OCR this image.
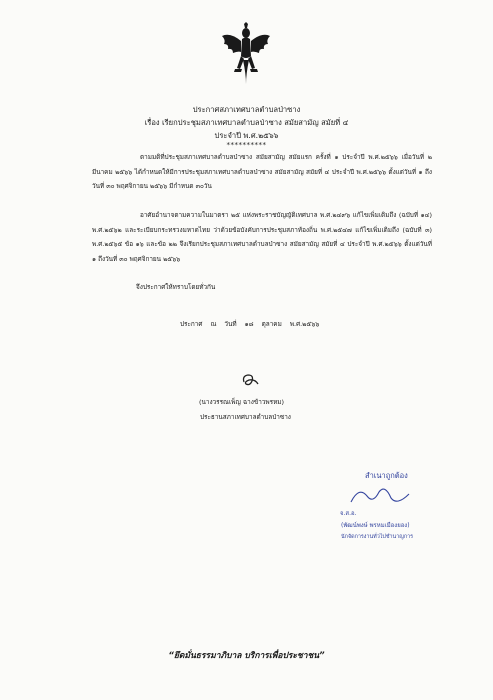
ประกาศสภาเทศบาลตำบลป่าซาง
เรื่อง เรียกประชุมสภาเทศบาลตำบลป่าซาง สมัยสามัญ สมัยที่ ๔
ประจำปี พ.ศ.๒๕๖๖
**********
ตามมติที่ประชุมสภาเทศบาลตำบลป่าซาง สมัยสามัญ สมัยแรก ครั้งที่ ๑ ประจำปี พ.ศ.๒๕๖๖ เมื่อวันที่ ๒ มีนาคม ๒๕๖๖ ได้กำหนดให้มีการประชุมสภาเทศบาลตำบลป่าซาง สมัยสามัญ สมัยที่ ๔ ประจำปี พ.ศ.๒๕๖๖ ตั้งแต่วันที่ ๑ ถึงวันที่ ๓๐ พฤศจิกายน ๒๕๖๖ มีกำหนด ๓๐วัน
อาศัยอำนาจตามความในมาตรา ๒๕ แห่งพระราชบัญญัติเทศบาล พ.ศ.๒๔๙๖ แก้ไขเพิ่มเติมถึง (ฉบับที่ ๑๔) พ.ศ.๒๕๖๒ และระเบียบกระทรวงมหาดไทย ว่าด้วยข้อบังคับการประชุมสภาท้องถิ่น พ.ศ.๒๕๔๗ แก้ไขเพิ่มเติมถึง (ฉบับที่ ๓) พ.ศ.๒๕๖๕ ข้อ ๑๖ และข้อ ๒๒ จึงเรียกประชุมสภาเทศบาลตำบลป่าซาง สมัยสามัญ สมัยที่ ๔ ประจำปี พ.ศ.๒๕๖๖ ตั้งแต่วันที่ ๑ ถึงวันที่ ๓๐ พฤศจิกายน ๒๕๖๖
จึงประกาศให้ทราบโดยทั่วกัน
ประกาศ ณ วันที่ ๑๘ ตุลาคม พ.ศ.๒๕๖๖
(นางวรรณเพ็ญ ฉางข้าวพรหม)
ประธานสภาเทศบาลตำบลป่าซาง
สำเนาถูกต้อง
จ.ส.อ.
(พัฒน์พงษ์ พรหมเมืองยอง)
นักจัดการงานทั่วไปชำนาญการ
“ยึดมั่นธรรมาภิบาล บริการเพื่อประชาชน”
